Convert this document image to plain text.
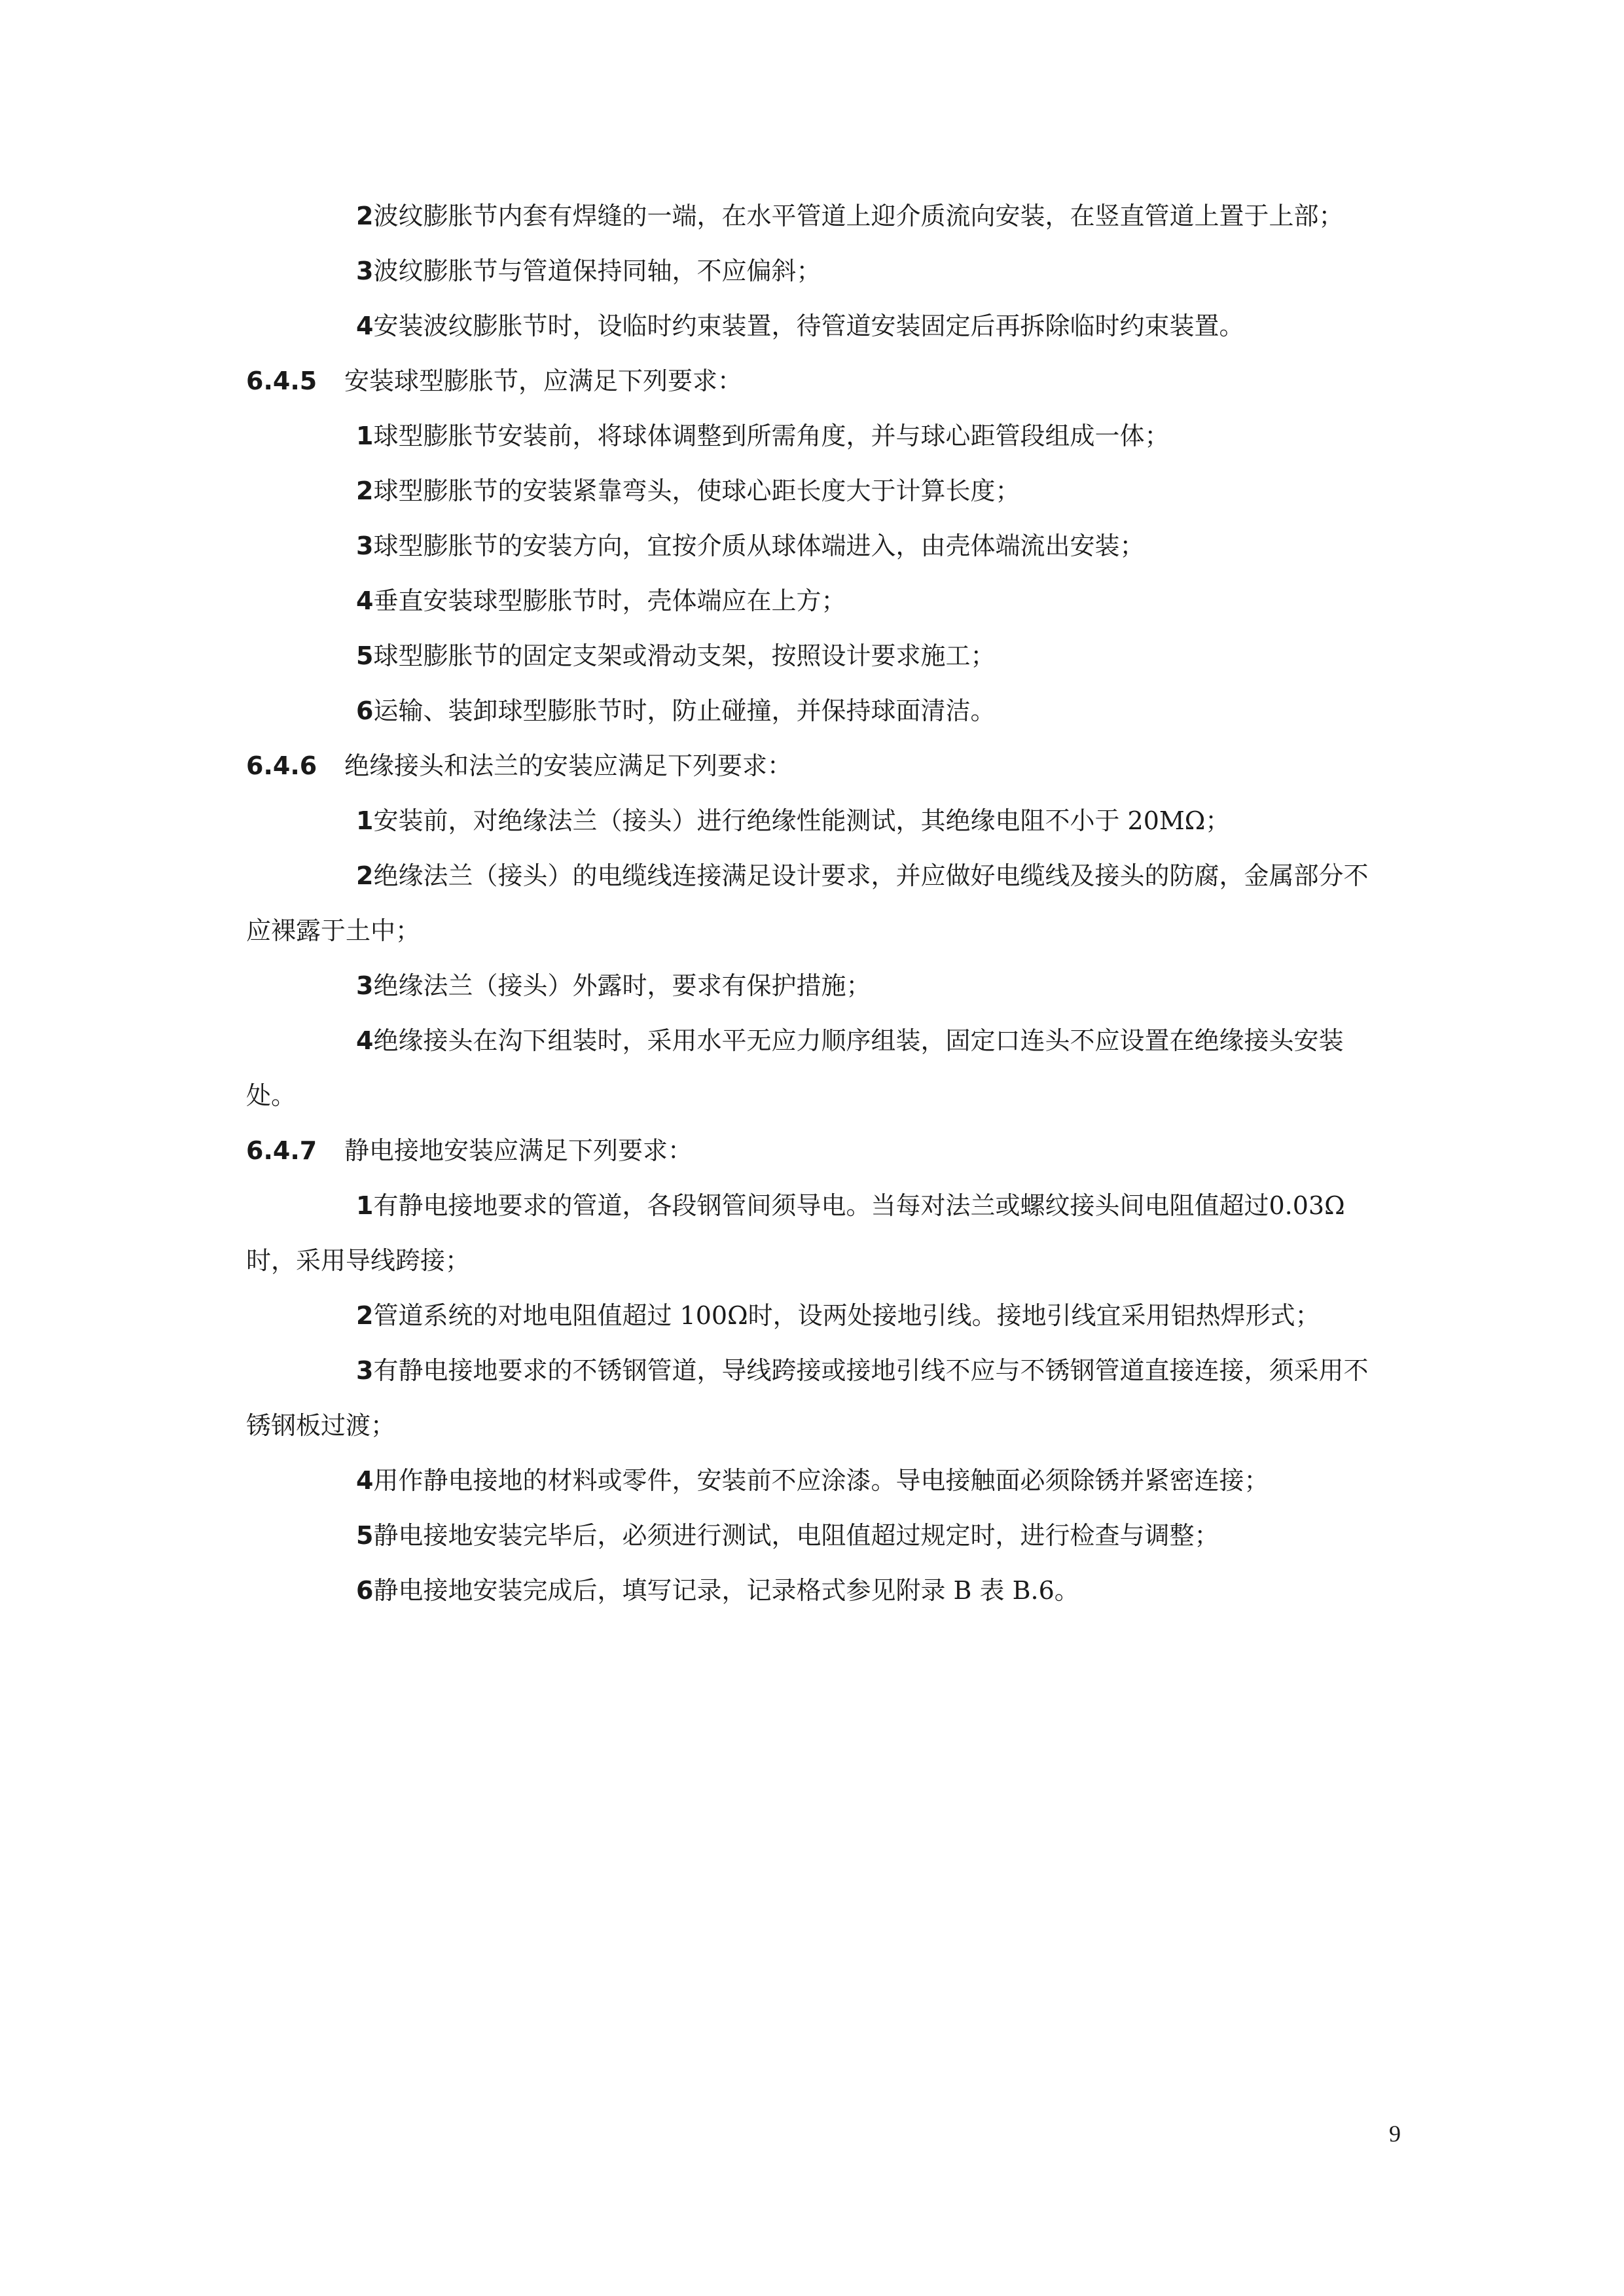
2波纹膨胀节内套有焊缝的一端，在水平管道上迎介质流向安装，在竖直管道上置于上部；

3波纹膨胀节与管道保持同轴，不应偏斜；

4安装波纹膨胀节时，设临时约束装置，待管道安装固定后再拆除临时约束装置。

6.4.5 安装球型膨胀节，应满足下列要求：

1球型膨胀节安装前，将球体调整到所需角度，并与球心距管段组成一体；

2球型膨胀节的安装紧靠弯头，使球心距长度大于计算长度；

3球型膨胀节的安装方向，宜按介质从球体端进入，由壳体端流出安装；

4垂直安装球型膨胀节时，壳体端应在上方；

5球型膨胀节的固定支架或滑动支架，按照设计要求施工；

6运输、装卸球型膨胀节时，防止碰撞，并保持球面清洁。

6.4.6 绝缘接头和法兰的安装应满足下列要求：

1安装前，对绝缘法兰（接头）进行绝缘性能测试，其绝缘电阻不小于 20MΩ；

2绝缘法兰（接头）的电缆线连接满足设计要求，并应做好电缆线及接头的防腐，金属部分不应裸露于土中；

3绝缘法兰（接头）外露时，要求有保护措施；

4绝缘接头在沟下组装时，采用水平无应力顺序组装，固定口连头不应设置在绝缘接头安装处。

6.4.7 静电接地安装应满足下列要求：

1有静电接地要求的管道，各段钢管间须导电。当每对法兰或螺纹接头间电阻值超过0.03Ω时，采用导线跨接；

2管道系统的对地电阻值超过 100Ω时，设两处接地引线。接地引线宜采用铝热焊形式；

3有静电接地要求的不锈钢管道，导线跨接或接地引线不应与不锈钢管道直接连接，须采用不锈钢板过渡；

4用作静电接地的材料或零件，安装前不应涂漆。导电接触面必须除锈并紧密连接；

5静电接地安装完毕后，必须进行测试，电阻值超过规定时，进行检查与调整；

6静电接地安装完成后，填写记录，记录格式参见附录 B 表 B.6。

9
